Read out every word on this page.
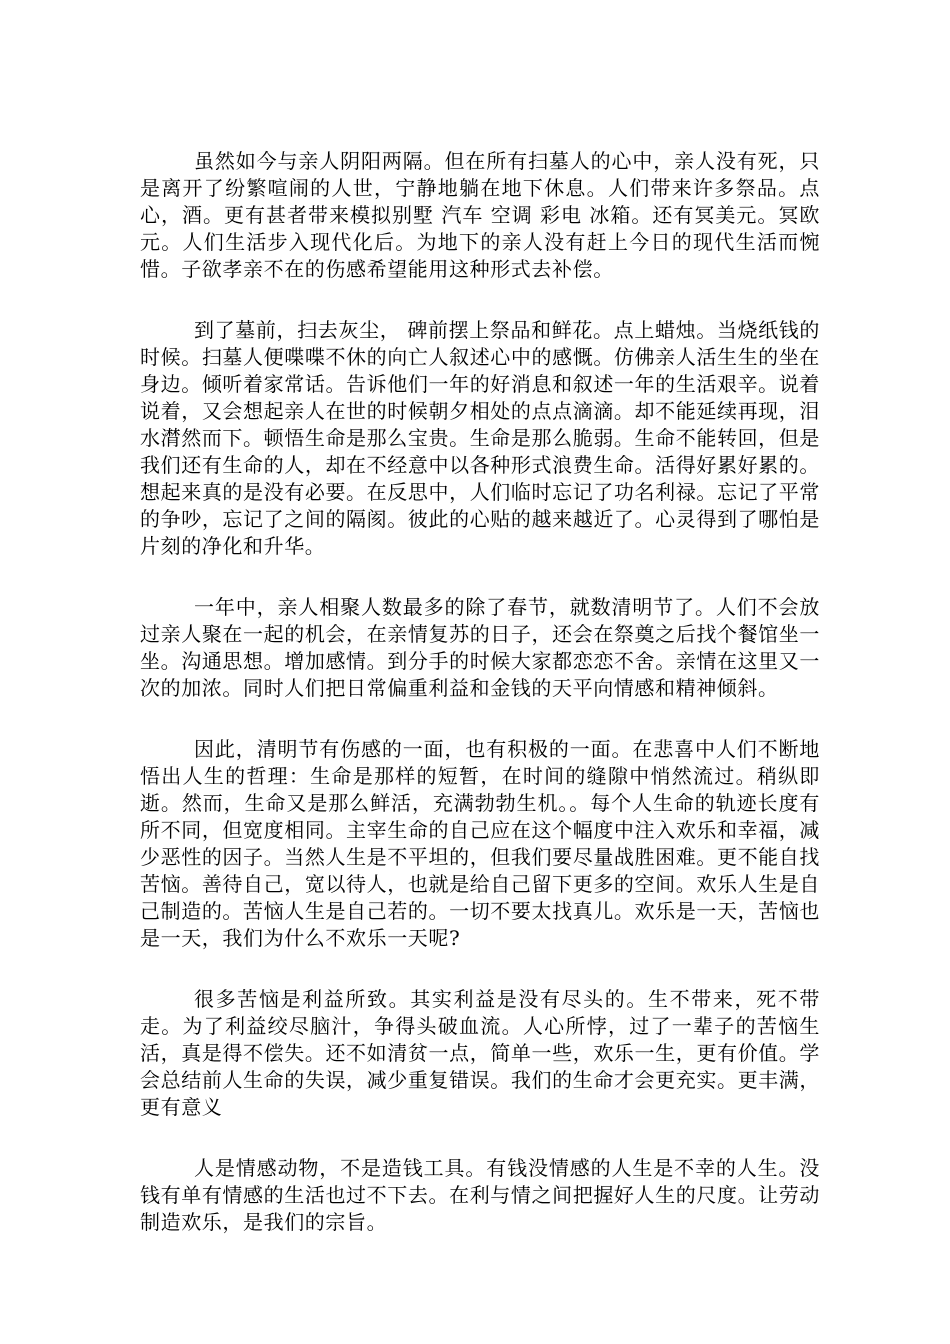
虽然如今与亲人阴阳两隔。但在所有扫墓人的心中，亲人没有死，只是离开了纷繁喧闹的人世，宁静地躺在地下休息。人们带来许多祭品。点心，酒。更有甚者带来模拟别墅 汽车 空调 彩电 冰箱。还有冥美元。冥欧元。人们生活步入现代化后。为地下的亲人没有赶上今日的现代生活而惋惜。子欲孝亲不在的伤感希望能用这种形式去补偿。

到了墓前，扫去灰尘， 碑前摆上祭品和鲜花。点上蜡烛。当烧纸钱的时候。扫墓人便喋喋不休的向亡人叙述心中的感慨。仿佛亲人活生生的坐在身边。倾听着家常话。告诉他们一年的好消息和叙述一年的生活艰辛。说着说着，又会想起亲人在世的时候朝夕相处的点点滴滴。却不能延续再现，泪水潸然而下。顿悟生命是那么宝贵。生命是那么脆弱。生命不能转回，但是我们还有生命的人，却在不经意中以各种形式浪费生命。活得好累好累的。想起来真的是没有必要。在反思中，人们临时忘记了功名利禄。忘记了平常的争吵，忘记了之间的隔阂。彼此的心贴的越来越近了。心灵得到了哪怕是片刻的净化和升华。

一年中，亲人相聚人数最多的除了春节，就数清明节了。人们不会放过亲人聚在一起的机会，在亲情复苏的日子，还会在祭奠之后找个餐馆坐一坐。沟通思想。增加感情。到分手的时候大家都恋恋不舍。亲情在这里又一次的加浓。同时人们把日常偏重利益和金钱的天平向情感和精神倾斜。

因此，清明节有伤感的一面，也有积极的一面。在悲喜中人们不断地悟出人生的哲理：生命是那样的短暂，在时间的缝隙中悄然流过。稍纵即逝。然而，生命又是那么鲜活，充满勃勃生机。。每个人生命的轨迹长度有所不同，但宽度相同。主宰生命的自己应在这个幅度中注入欢乐和幸福，减少恶性的因子。当然人生是不平坦的，但我们要尽量战胜困难。更不能自找苦恼。善待自己，宽以待人，也就是给自己留下更多的空间。欢乐人生是自己制造的。苦恼人生是自己若的。一切不要太找真儿。欢乐是一天，苦恼也是一天，我们为什么不欢乐一天呢?

很多苦恼是利益所致。其实利益是没有尽头的。生不带来，死不带走。为了利益绞尽脑汁，争得头破血流。人心所悖，过了一辈子的苦恼生活，真是得不偿失。还不如清贫一点，简单一些，欢乐一生，更有价值。学会总结前人生命的失误，减少重复错误。我们的生命才会更充实。更丰满，更有意义

人是情感动物，不是造钱工具。有钱没情感的人生是不幸的人生。没钱有单有情感的生活也过不下去。在利与情之间把握好人生的尺度。让劳动制造欢乐，是我们的宗旨。
